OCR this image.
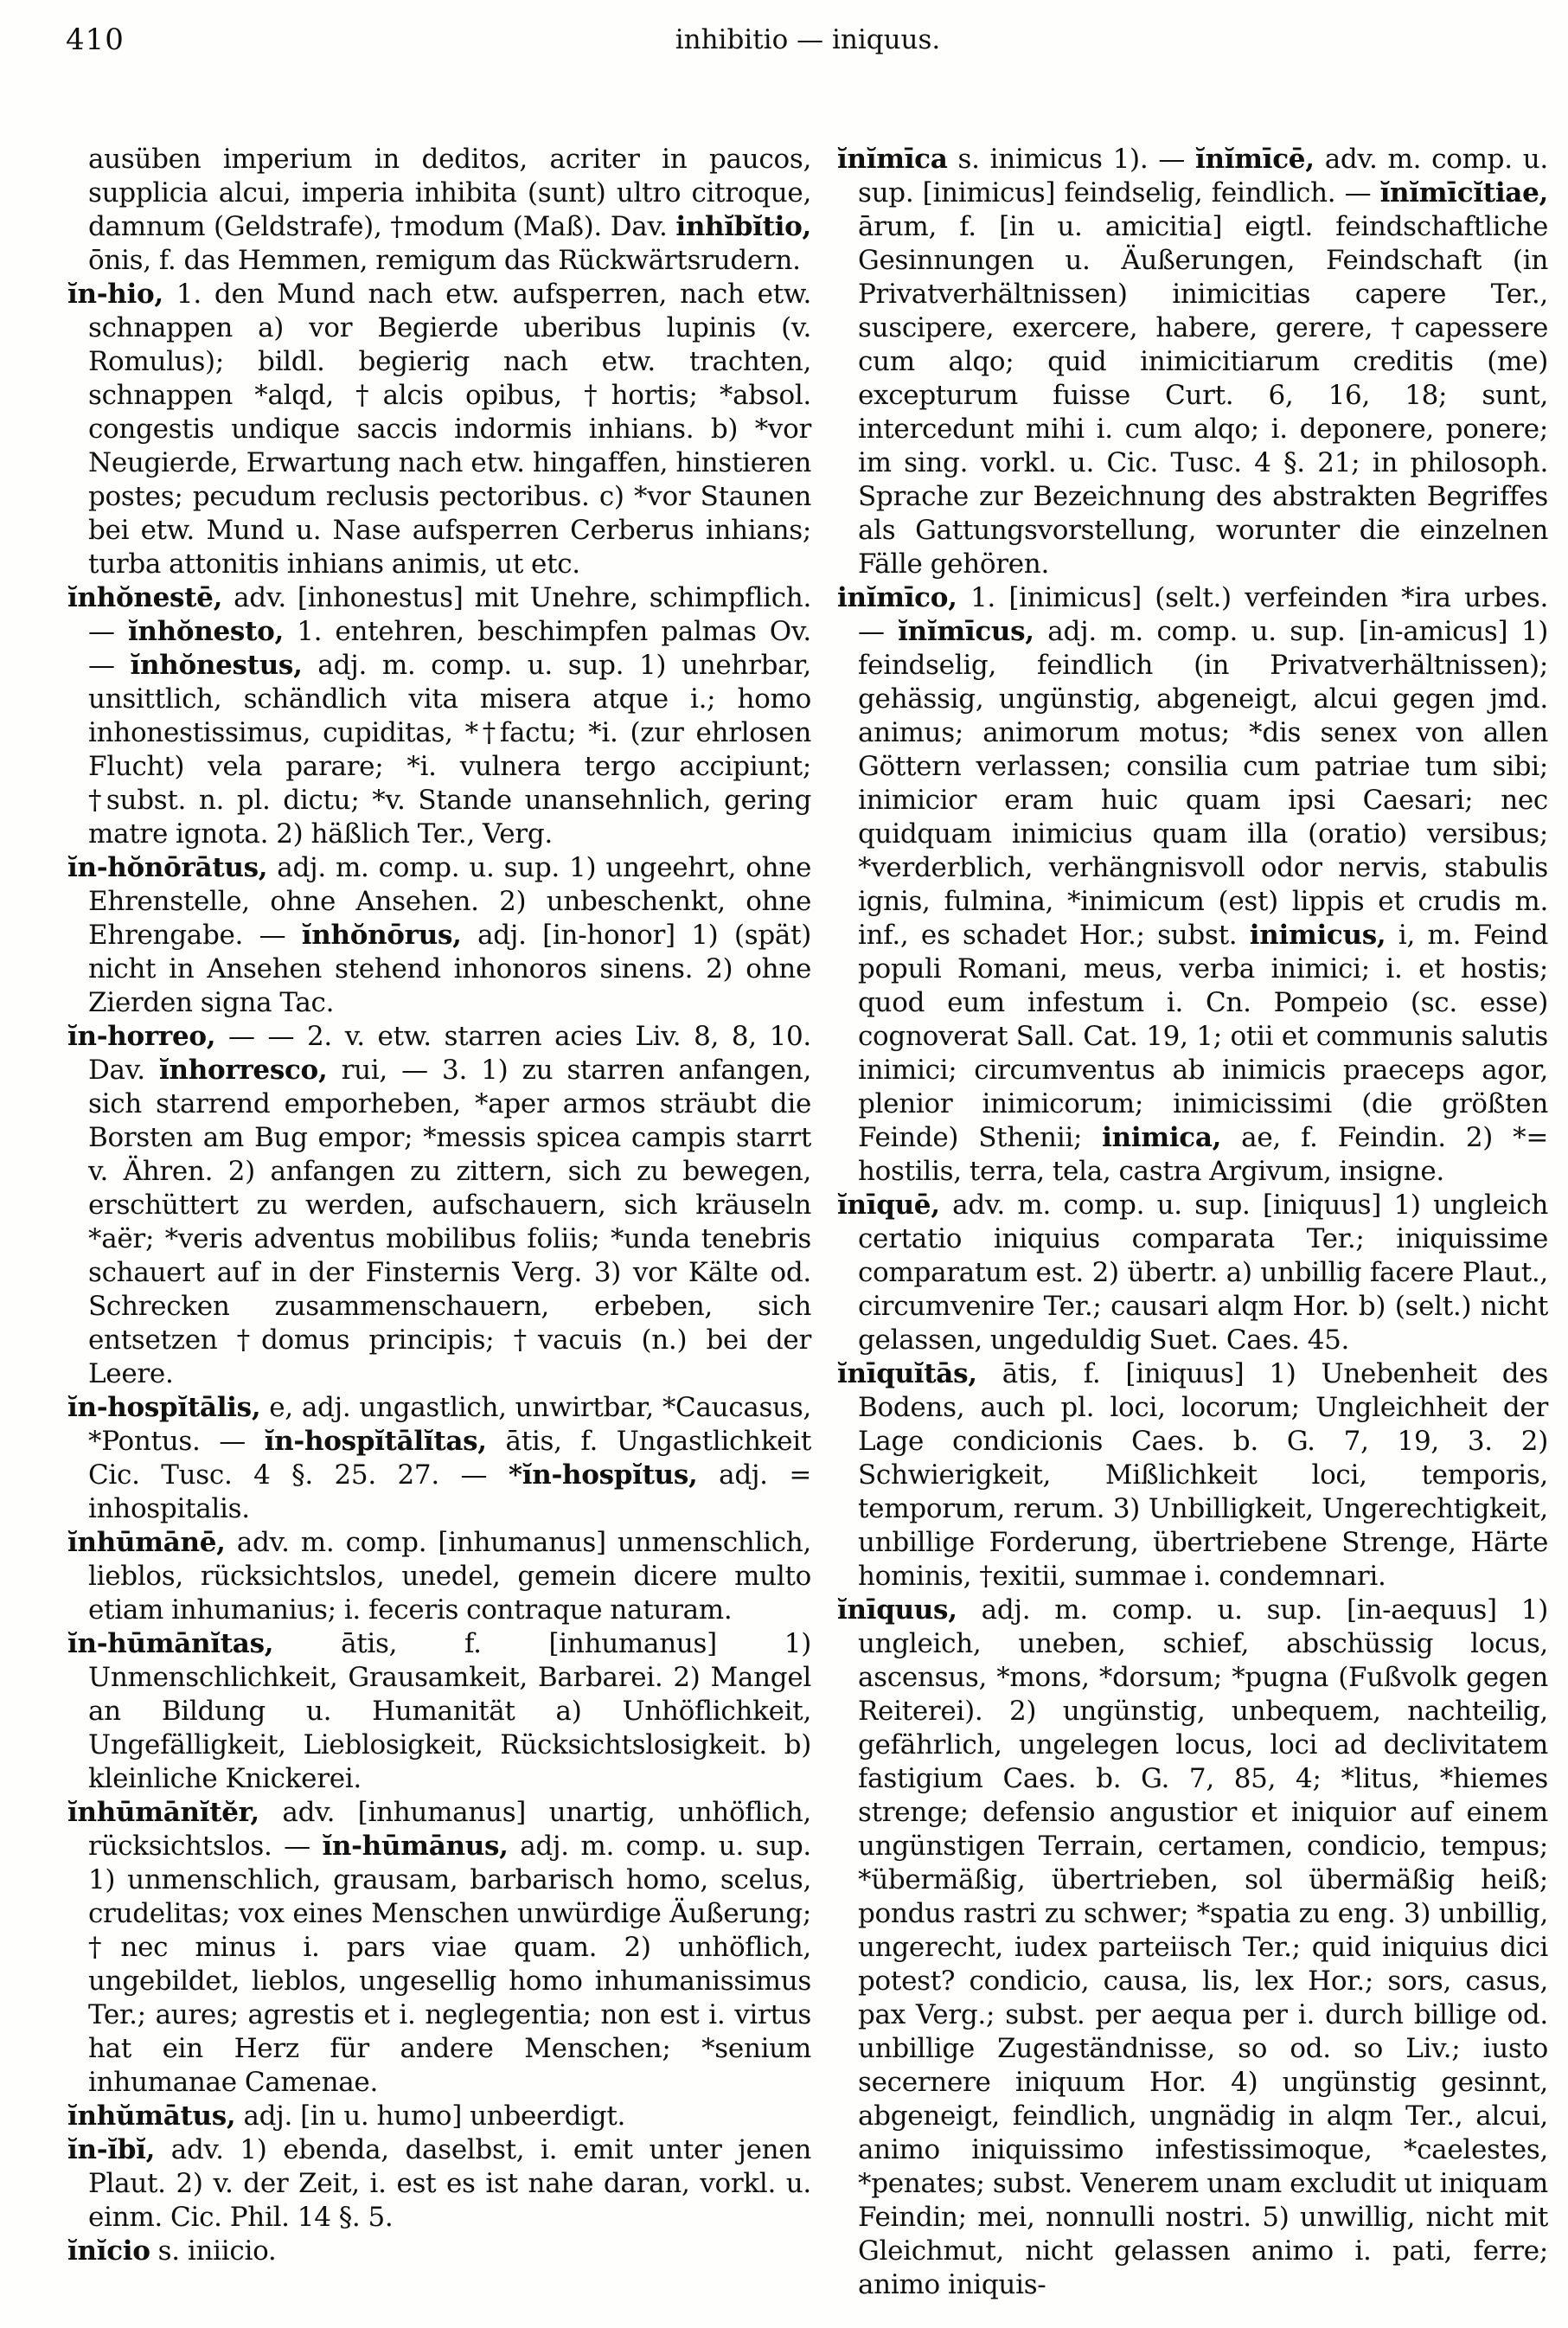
410	inhibitio — iniquus.

ausüben imperium in deditos, acriter in paucos, supplicia alcui, imperia inhibita (sunt) ultro citroque, damnum (Geldstrafe), †modum (Maß). Dav. inhĭbĭtio, ōnis, f. das Hemmen, remigum das Rückwärtsrudern.

ĭn-hio, 1. den Mund nach etw. aufsperren, nach etw. schnappen a) vor Begierde uberibus lupinis (v. Romulus); bildl. begierig nach etw. trachten, schnappen *alqd, †alcis opibus, †hortis; *absol. congestis undique saccis indormis inhians. b) *vor Neugierde, Erwartung nach etw. hingaffen, hinstieren postes; pecudum reclusis pectoribus. c) *vor Staunen bei etw. Mund u. Nase aufsperren Cerberus inhians; turba attonitis inhians animis, ut etc.

ĭnhŏnestē, adv. [inhonestus] mit Unehre, schimpflich. — ĭnhŏnesto, 1. entehren, beschimpfen palmas Ov. — ĭnhŏnestus, adj. m. comp. u. sup. 1) unehrbar, unsittlich, schändlich vita misera atque i.; homo inhonestissimus, cupiditas, *†factu; *i. (zur ehrlosen Flucht) vela parare; *i. vulnera tergo accipiunt; †subst. n. pl. dictu; *v. Stande unansehnlich, gering matre ignota. 2) häßlich Ter., Verg.

ĭn-hŏnōrātus, adj. m. comp. u. sup. 1) ungeehrt, ohne Ehrenstelle, ohne Ansehen. 2) unbeschenkt, ohne Ehrengabe. — ĭnhŏnōrus, adj. [in-honor] 1) (spät) nicht in Ansehen stehend inhonoros sinens. 2) ohne Zierden signa Tac.

ĭn-horreo, — — 2. v. etw. starren acies Liv. 8, 8, 10. Dav. ĭnhorresco, rui, — 3. 1) zu starren anfangen, sich starrend emporheben, *aper armos sträubt die Borsten am Bug empor; *messis spicea campis starrt v. Ähren. 2) anfangen zu zittern, sich zu bewegen, erschüttert zu werden, aufschauern, sich kräuseln *aër; *veris adventus mobilibus foliis; *unda tenebris schauert auf in der Finsternis Verg. 3) vor Kälte od. Schrecken zusammenschauern, erbeben, sich entsetzen †domus principis; †vacuis (n.) bei der Leere.

ĭn-hospĭtālis, e, adj. ungastlich, unwirtbar, *Caucasus, *Pontus. — ĭn-hospĭtālĭtas, ātis, f. Ungastlichkeit Cic. Tusc. 4 §. 25. 27. — *ĭn-hospĭtus, adj. = inhospitalis.

ĭnhūmānē, adv. m. comp. [inhumanus] unmenschlich, lieblos, rücksichtslos, unedel, gemein dicere multo etiam inhumanius; i. feceris contraque naturam.

ĭn-hūmānĭtas, ātis, f. [inhumanus] 1) Unmenschlichkeit, Grausamkeit, Barbarei. 2) Mangel an Bildung u. Humanität a) Unhöflichkeit, Ungefälligkeit, Lieblosigkeit, Rücksichtslosigkeit. b) kleinliche Knickerei.

ĭnhūmānĭtĕr, adv. [inhumanus] unartig, unhöflich, rücksichtslos. — ĭn-hūmānus, adj. m. comp. u. sup. 1) unmenschlich, grausam, barbarisch homo, scelus, crudelitas; vox eines Menschen unwürdige Äußerung; †nec minus i. pars viae quam. 2) unhöflich, ungebildet, lieblos, ungesellig homo inhumanissimus Ter.; aures; agrestis et i. neglegentia; non est i. virtus hat ein Herz für andere Menschen; *senium inhumanae Camenae.

ĭnhŭmātus, adj. [in u. humo] unbeerdigt.

ĭn-ĭbĭ, adv. 1) ebenda, daselbst, i. emit unter jenen Plaut. 2) v. der Zeit, i. est es ist nahe daran, vorkl. u. einm. Cic. Phil. 14 §. 5.

ĭnĭcio s. iniicio.

ĭnĭmīca s. inimicus 1). — ĭnĭmīcē, adv. m. comp. u. sup. [inimicus] feindselig, feindlich. — ĭnĭmīcĭtiae, ārum, f. [in u. amicitia] eigtl. feindschaftliche Gesinnungen u. Äußerungen, Feindschaft (in Privatverhältnissen) inimicitias capere Ter., suscipere, exercere, habere, gerere, †capessere cum alqo; quid inimicitiarum creditis (me) excepturum fuisse Curt. 6, 16, 18; sunt, intercedunt mihi i. cum alqo; i. deponere, ponere; im sing. vorkl. u. Cic. Tusc. 4 §. 21; in philosoph. Sprache zur Bezeichnung des abstrakten Begriffes als Gattungsvorstellung, worunter die einzelnen Fälle gehören.

inĭmīco, 1. [inimicus] (selt.) verfeinden *ira urbes. — ĭnĭmīcus, adj. m. comp. u. sup. [in-amicus] 1) feindselig, feindlich (in Privatverhältnissen); gehässig, ungünstig, abgeneigt, alcui gegen jmd. animus; animorum motus; *dis senex von allen Göttern verlassen; consilia cum patriae tum sibi; inimicior eram huic quam ipsi Caesari; nec quidquam inimicius quam illa (oratio) versibus; *verderblich, verhängnisvoll odor nervis, stabulis ignis, fulmina, *inimicum (est) lippis et crudis m. inf., es schadet Hor.; subst. inimicus, i, m. Feind populi Romani, meus, verba inimici; i. et hostis; quod eum infestum i. Cn. Pompeio (sc. esse) cognoverat Sall. Cat. 19, 1; otii et communis salutis inimici; circumventus ab inimicis praeceps agor, plenior inimicorum; inimicissimi (die größten Feinde) Sthenii; inimica, ae, f. Feindin. 2) *= hostilis, terra, tela, castra Argivum, insigne.

ĭnīquē, adv. m. comp. u. sup. [iniquus] 1) ungleich certatio iniquius comparata Ter.; iniquissime comparatum est. 2) übertr. a) unbillig facere Plaut., circumvenire Ter.; causari alqm Hor. b) (selt.) nicht gelassen, ungeduldig Suet. Caes. 45.

ĭnīquĭtās, ātis, f. [iniquus] 1) Unebenheit des Bodens, auch pl. loci, locorum; Ungleichheit der Lage condicionis Caes. b. G. 7, 19, 3. 2) Schwierigkeit, Mißlichkeit loci, temporis, temporum, rerum. 3) Unbilligkeit, Ungerechtigkeit, unbillige Forderung, übertriebene Strenge, Härte hominis, †exitii, summae i. condemnari.

ĭnīquus, adj. m. comp. u. sup. [in-aequus] 1) ungleich, uneben, schief, abschüssig locus, ascensus, *mons, *dorsum; *pugna (Fußvolk gegen Reiterei). 2) ungünstig, unbequem, nachteilig, gefährlich, ungelegen locus, loci ad declivitatem fastigium Caes. b. G. 7, 85, 4; *litus, *hiemes strenge; defensio angustior et iniquior auf einem ungünstigen Terrain, certamen, condicio, tempus; *übermäßig, übertrieben, sol übermäßig heiß; pondus rastri zu schwer; *spatia zu eng. 3) unbillig, ungerecht, iudex parteiisch Ter.; quid iniquius dici potest? condicio, causa, lis, lex Hor.; sors, casus, pax Verg.; subst. per aequa per i. durch billige od. unbillige Zugeständnisse, so od. so Liv.; iusto secernere iniquum Hor. 4) ungünstig gesinnt, abgeneigt, feindlich, ungnädig in alqm Ter., alcui, animo iniquissimo infestissimoque, *caelestes, *penates; subst. Venerem unam excludit ut iniquam Feindin; mei, nonnulli nostri. 5) unwillig, nicht mit Gleichmut, nicht gelassen animo i. pati, ferre; animo iniquis-
